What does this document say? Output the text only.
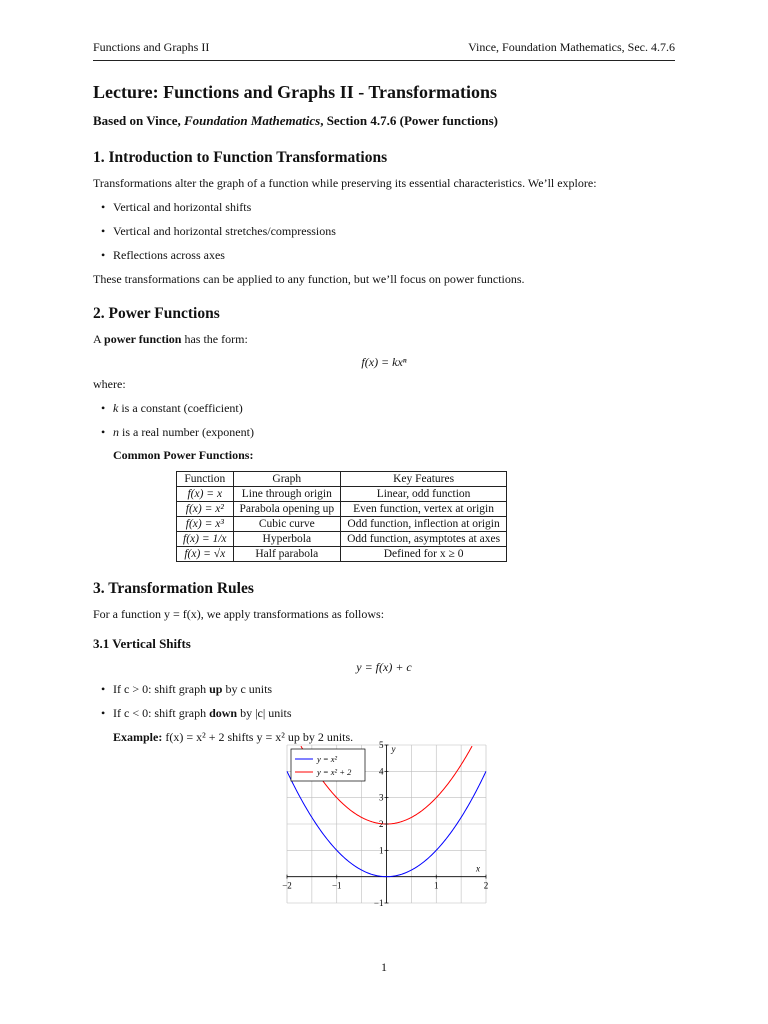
Functions and Graphs II	Vince, Foundation Mathematics, Sec. 4.7.6
Lecture: Functions and Graphs II - Transformations
Based on Vince, Foundation Mathematics, Section 4.7.6 (Power functions)
1. Introduction to Function Transformations

Transformations alter the graph of a function while preserving its essential characteristics. We’ll explore:

• Vertical and horizontal shifts
• Vertical and horizontal stretches/compressions
• Reflections across axes

These transformations can be applied to any function, but we’ll focus on power functions.

2. Power Functions

A power function has the form:

f(x) = kxⁿ

where:

• k is a constant (coefficient)
• n is a real number (exponent)
Common Power Functions:
Function	Graph	Key Features
f(x) = x	Line through origin	Linear, odd function
f(x) = x²	Parabola opening up	Even function, vertex at origin
f(x) = x³	Cubic curve	Odd function, inflection at origin
f(x) = 1/x	Hyperbola	Odd function, asymptotes at axes
f(x) = √x	Half parabola	Defined for x ≥ 0
3. Transformation Rules

For a function y = f(x), we apply transformations as follows:

3.1 Vertical Shifts
y = f(x) + c
• If c > 0: shift graph up by c units
• If c < 0: shift graph down by |c| units

Example: f(x) = x² + 2 shifts y = x² up by 2 units.

−2	−1	1	2
−1
1
2
3
4
5
x
y
y = x²
y = x² + 2
1
